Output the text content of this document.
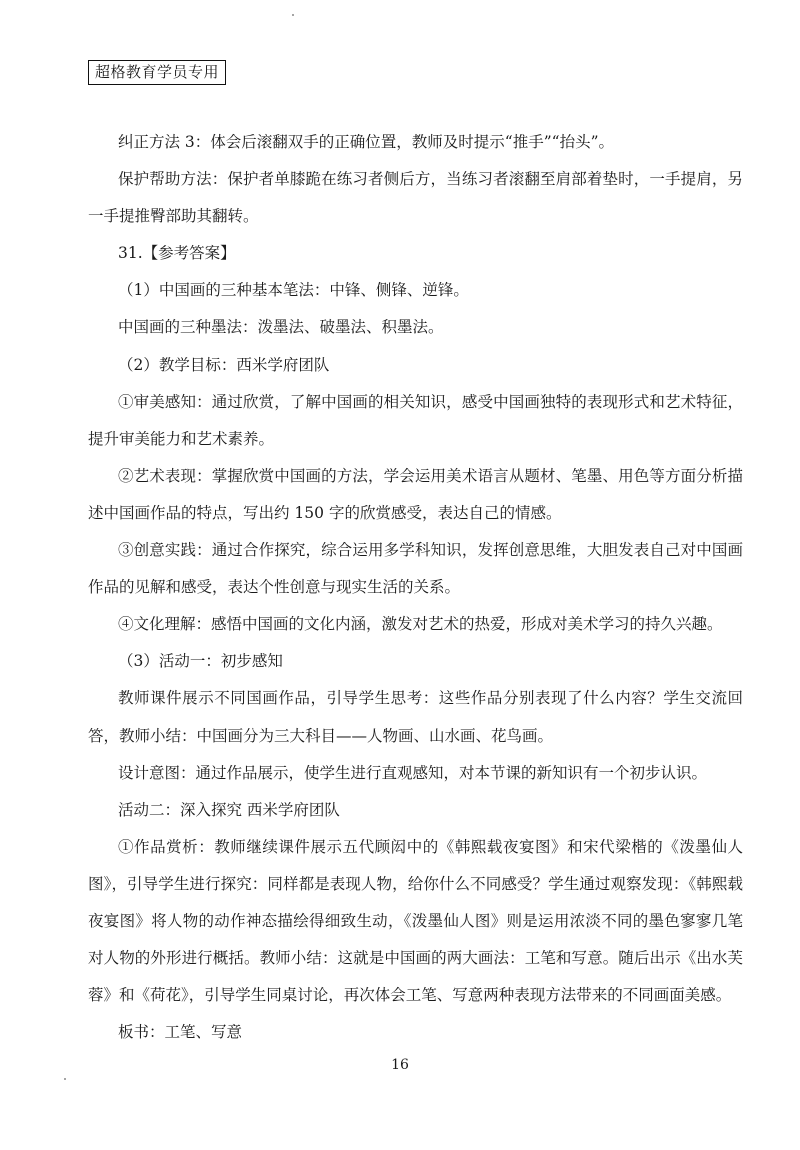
超格教育学员专用

纠正方法 3：体会后滚翻双手的正确位置，教师及时提示“推手”“抬头”。

保护帮助方法：保护者单膝跪在练习者侧后方，当练习者滚翻至肩部着垫时，一手提肩，另一手提推臀部助其翻转。

31.【参考答案】

（1）中国画的三种基本笔法：中锋、侧锋、逆锋。

中国画的三种墨法：泼墨法、破墨法、积墨法。

（2）教学目标：西米学府团队

①审美感知：通过欣赏，了解中国画的相关知识，感受中国画独特的表现形式和艺术特征，提升审美能力和艺术素养。

②艺术表现：掌握欣赏中国画的方法，学会运用美术语言从题材、笔墨、用色等方面分析描述中国画作品的特点，写出约 150 字的欣赏感受，表达自己的情感。

③创意实践：通过合作探究，综合运用多学科知识，发挥创意思维，大胆发表自己对中国画作品的见解和感受，表达个性创意与现实生活的关系。

④文化理解：感悟中国画的文化内涵，激发对艺术的热爱，形成对美术学习的持久兴趣。

（3）活动一：初步感知

教师课件展示不同国画作品，引导学生思考：这些作品分别表现了什么内容？学生交流回答，教师小结：中国画分为三大科目——人物画、山水画、花鸟画。

设计意图：通过作品展示，使学生进行直观感知，对本节课的新知识有一个初步认识。

活动二：深入探究 西米学府团队

①作品赏析：教师继续课件展示五代顾闳中的《韩熙载夜宴图》和宋代梁楷的《泼墨仙人图》，引导学生进行探究：同样都是表现人物，给你什么不同感受？学生通过观察发现：《韩熙载夜宴图》将人物的动作神态描绘得细致生动，《泼墨仙人图》则是运用浓淡不同的墨色寥寥几笔对人物的外形进行概括。教师小结：这就是中国画的两大画法：工笔和写意。随后出示《出水芙蓉》和《荷花》，引导学生同桌讨论，再次体会工笔、写意两种表现方法带来的不同画面美感。

板书：工笔、写意

16
